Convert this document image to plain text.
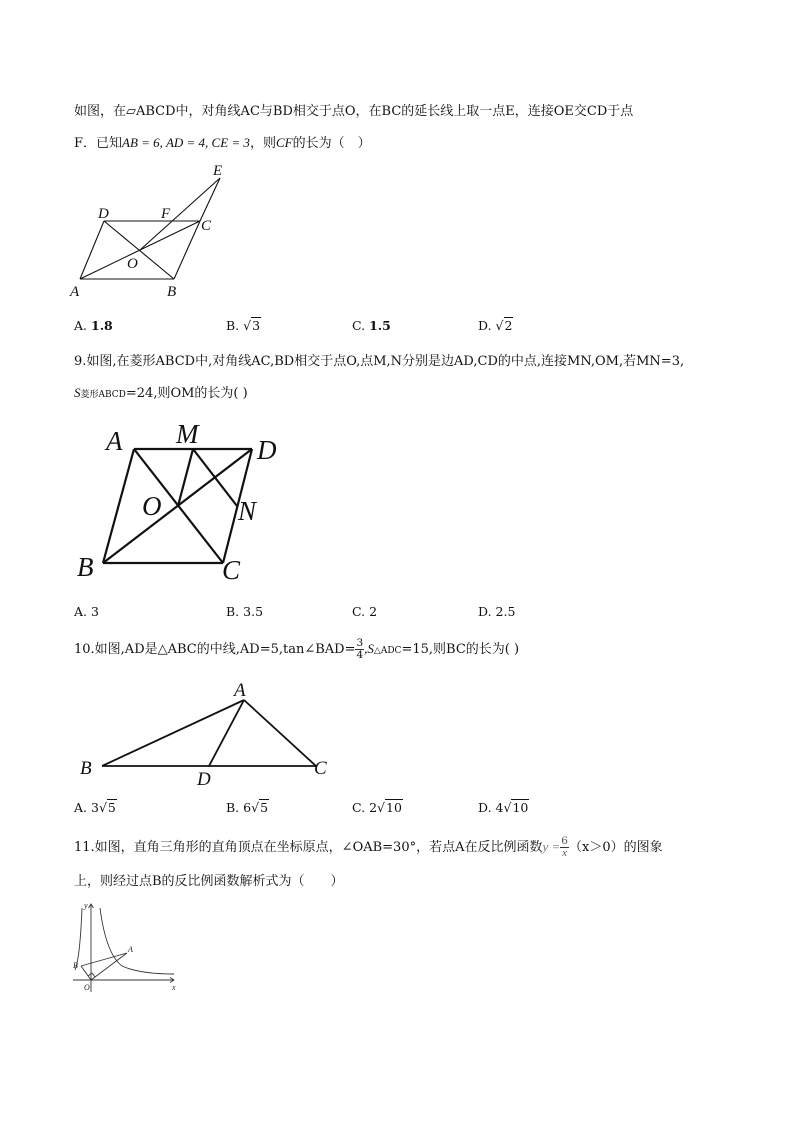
如图，在▱ABCD中，对角线AC与BD相交于点O，在BC的延长线上取一点E，连接OE交CD于点
F．已知AB = 6, AD = 4, CE = 3，则CF的长为（　）
A	B
C
D
E
F
O
A. 1.8	B. √3	C. 1.5	D. √2
9.如图,在菱形ABCD中,对角线AC,BD相交于点O,点M,N分别是边AD,CD的中点,连接MN,OM,若MN=3,
S菱形ABCD=24,则OM的长为( )
A M
D
O	N
B	C
A. 3	B. 3.5	C. 2	D. 2.5
10.如图,AD是△ABC的中线,AD=5,tan∠BAD= $\frac{3}{4}$ ,S△ADC=15,则BC的长为( )
A
B
D
C
A. 3√5	B. 6√5	C. 2√10	D. 4√10
11.如图，直角三角形的直角顶点在坐标原点，∠OAB=30°，若点A在反比例函数$y = \frac{6}{x} (x>0)$的图象
上，则经过点B的反比例函数解析式为（　　）
A
B
O	x
y
